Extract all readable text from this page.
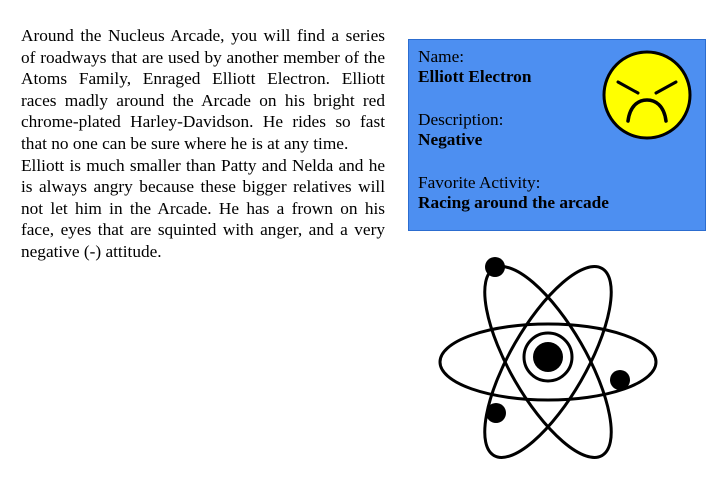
Around the Nucleus Arcade, you will find a series of roadways that are used by another member of the Atoms Family, Enraged Elliott Electron. Elliott races madly around the Arcade on his bright red chrome-plated Harley-Davidson. He rides so fast that no one can be sure where he is at any time.

Elliott is much smaller than Patty and Nelda and he is always angry because these bigger relatives will not let him in the Arcade. He has a frown on his face, eyes that are squinted with anger, and a very negative (-) attitude.

Name:
Elliott Electron
Description:
Negative
Favorite Activity:
Racing around the arcade
